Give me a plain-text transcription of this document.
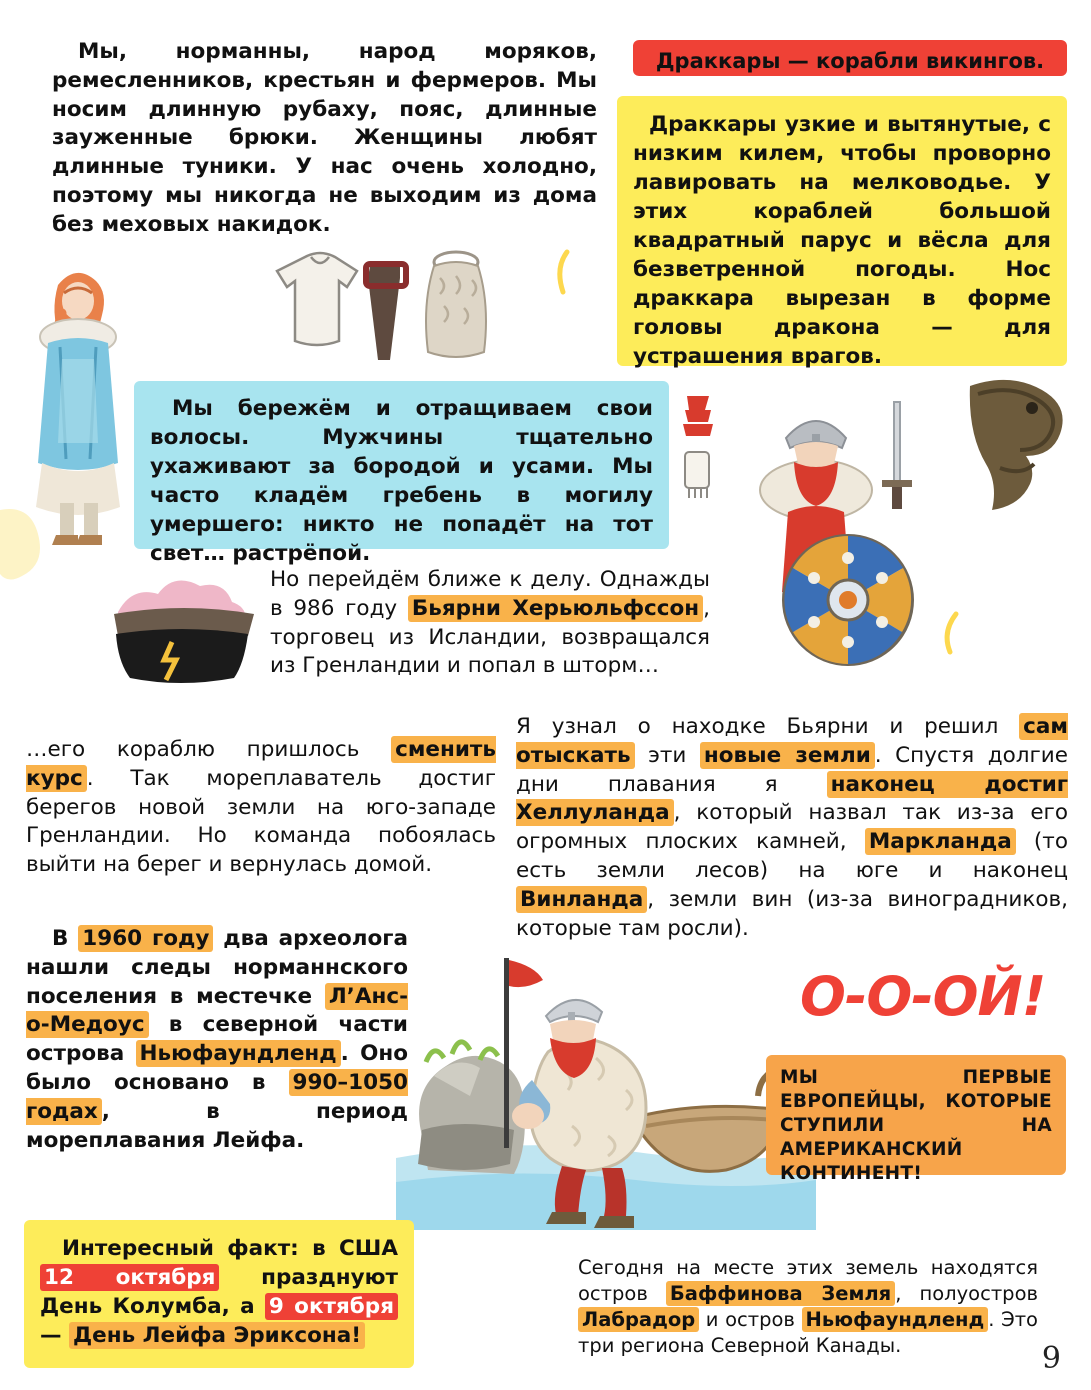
Мы, норманны, народ моряков, ремесленников, крестьян и фермеров. Мы носим длинную рубаху, пояс, длинные зауженные брюки. Женщины любят длинные туники. У нас очень холодно, поэтому мы никогда не выходим из дома без меховых накидок.
Драккары — корабли викингов.
Драккары узкие и вытянутые, с низким килем, чтобы проворно лавировать на мелководье. У этих кораблей большой квадратный парус и вёсла для безветренной погоды. Нос драккара вырезан в форме головы дракона — для устрашения врагов.
Мы бережём и отращиваем свои волосы. Мужчины тщательно ухаживают за бородой и усами. Мы часто кладём гребень в могилу умершего: никто не попадёт на тот свет… растрёпой.
Но перейдём ближе к делу. Однажды в 986 году Бьярни Херьюльфссон , торговец из Исландии, возвращался из Гренландии и попал в шторм…
…его кораблю пришлось сменить курс . Так мореплаватель достиг берегов новой земли на юго-западе Гренландии. Но команда побоялась выйти на берег и вернулась домой.
Я узнал о находке Бьярни и решил сам отыскать эти новые земли . Спустя долгие дни плавания я наконец достиг Хеллуланда , который назвал так из-за его огромных плоских камней, Маркланда (то есть земли лесов) на юге и наконец Винланда , земли вин (из-за виноградников, которые там росли).
В 1960 году два археолога нашли следы норманнского поселения в местечке Л’Анс-о-Медоус в северной части острова Ньюфаундленд . Оно было основано в 990–1050 годах , в период мореплавания Лейфа.
О-О-ОЙ!
МЫ ПЕРВЫЕ ЕВРОПЕЙЦЫ, КОТОРЫЕ СТУПИЛИ НА АМЕРИКАНСКИЙ КОНТИНЕНТ!
Интересный факт: в США 12 октября празднуют День Колумба, а 9 октября — День Лейфа Эриксона!
Сегодня на месте этих земель находятся остров Баффинова Земля , полуостров Лабрадор и остров Ньюфаундленд . Это три региона Северной Канады.	9
